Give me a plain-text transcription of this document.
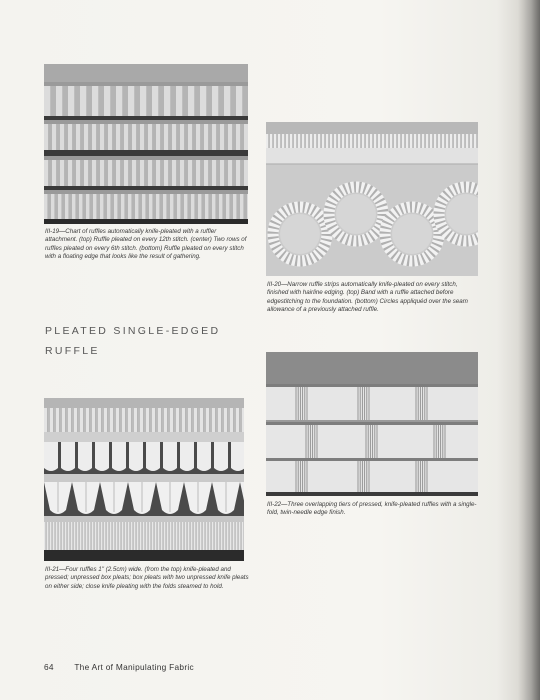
III-19—Chart of ruffles automatically knife-pleated with a ruffler attachment. (top) Ruffle pleated on every 12th stitch. (center) Two rows of ruffles pleated on every 6th stitch. (bottom) Ruffle pleated on every stitch with a floating edge that looks like the result of gathering.

III-20—Narrow ruffle strips automatically knife-pleated on every stitch, finished with hairline edging. (top) Band with a ruffle attached before edgestitching to the foundation. (bottom) Circles appliquéd over the seam allowance of a previously attached ruffle.

PLEATED SINGLE-EDGED RUFFLE

III-21—Four ruffles 1" (2.5cm) wide. (from the top) knife-pleated and pressed; unpressed box pleats; box pleats with two unpressed knife pleats on either side; close knife pleating with the folds steamed to hold.

III-22—Three overlapping tiers of pressed, knife-pleated ruffles with a single-fold, twin-needle edge finish.

64 The Art of Manipulating Fabric
